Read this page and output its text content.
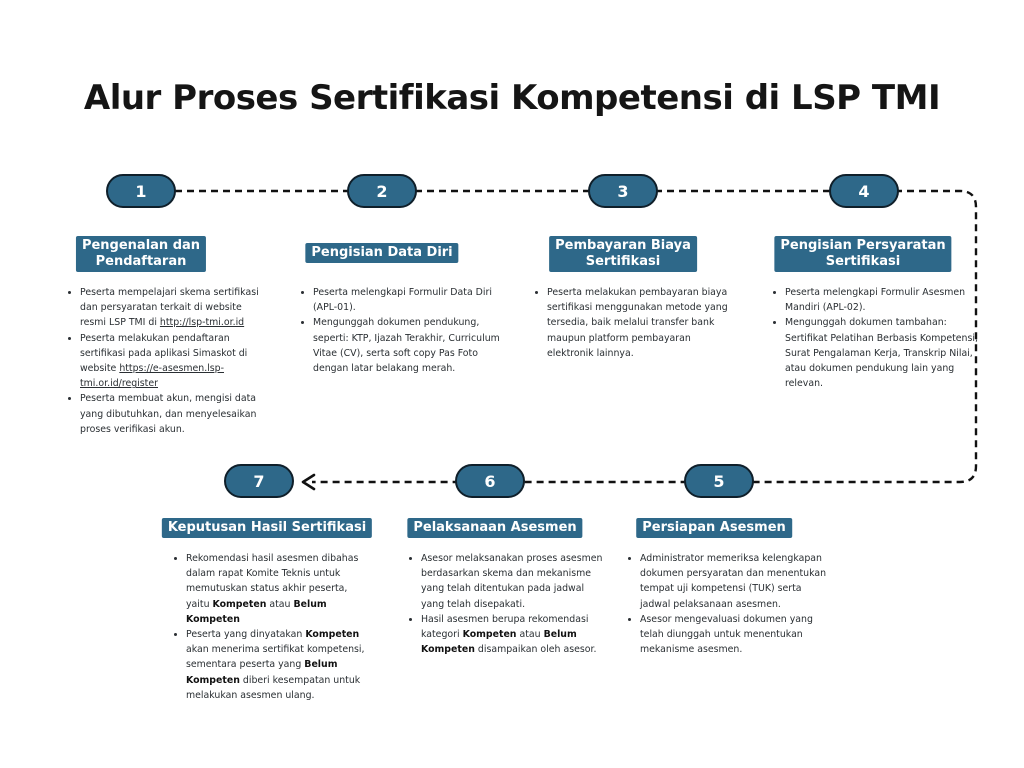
Alur Proses Sertifikasi Kompetensi di LSP TMI
1	2	3	4
5
6
7
Pengenalan dan
Pendaftaran
Pengisian Data Diri	Pembayaran Biaya
Sertifikasi
Pengisian Persyaratan
Sertifikasi
Persiapan Asesmen
Pelaksanaan Asesmen
Keputusan Hasil Sertifikasi
• Peserta mempelajari skema sertifikasi dan persyaratan terkait di website resmi LSP TMI di http://lsp-tmi.or.id
• Peserta melakukan pendaftaran sertifikasi pada aplikasi Simaskot di website https://e-asesmen.lsp-tmi.or.id/register
• Peserta membuat akun, mengisi data yang dibutuhkan, dan menyelesaikan proses verifikasi akun.
• Peserta melengkapi Formulir Data Diri (APL-01).
• Mengunggah dokumen pendukung, seperti: KTP, Ijazah Terakhir, Curriculum Vitae (CV), serta soft copy Pas Foto dengan latar belakang merah.
• Peserta melakukan pembayaran biaya sertifikasi menggunakan metode yang tersedia, baik melalui transfer bank maupun platform pembayaran elektronik lainnya.
• Peserta melengkapi Formulir Asesmen Mandiri (APL-02).
• Mengunggah dokumen tambahan: Sertifikat Pelatihan Berbasis Kompetensi, Surat Pengalaman Kerja, Transkrip Nilai, atau dokumen pendukung lain yang relevan.
• Administrator memeriksa kelengkapan dokumen persyaratan dan menentukan tempat uji kompetensi (TUK) serta jadwal pelaksanaan asesmen.
• Asesor mengevaluasi dokumen yang telah diunggah untuk menentukan mekanisme asesmen.
• Asesor melaksanakan proses asesmen berdasarkan skema dan mekanisme yang telah ditentukan pada jadwal yang telah disepakati.
• Hasil asesmen berupa rekomendasi kategori Kompeten atau Belum Kompeten disampaikan oleh asesor.
• Rekomendasi hasil asesmen dibahas dalam rapat Komite Teknis untuk memutuskan status akhir peserta, yaitu Kompeten atau Belum Kompeten
• Peserta yang dinyatakan Kompeten akan menerima sertifikat kompetensi, sementara peserta yang Belum Kompeten diberi kesempatan untuk melakukan asesmen ulang.
